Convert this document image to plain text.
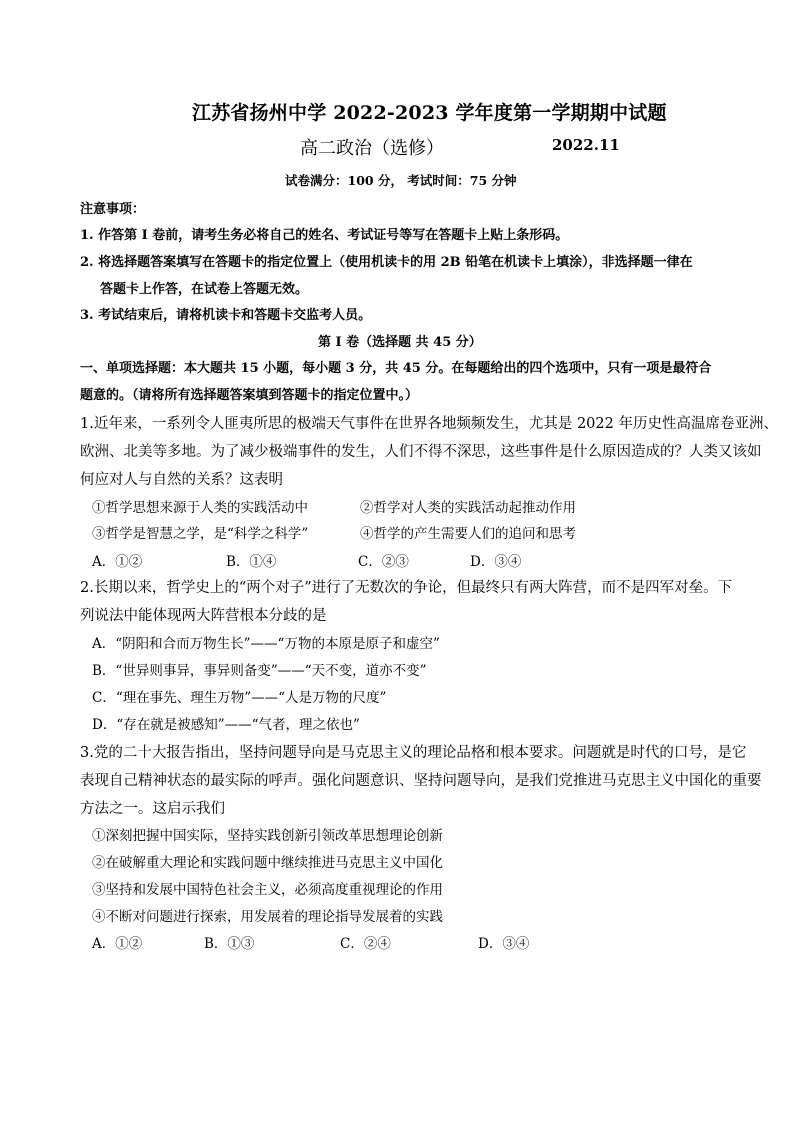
江苏省扬州中学 2022-2023 学年度第一学期期中试题
高二政治（选修）	2022.11
试卷满分：100 分， 考试时间：75 分钟
注意事项：
1. 作答第 I 卷前，请考生务必将自己的姓名、考试证号等写在答题卡上贴上条形码。
2. 将选择题答案填写在答题卡的指定位置上（使用机读卡的用 2B 铅笔在机读卡上填涂），非选择题一律在
答题卡上作答，在试卷上答题无效。
3. 考试结束后，请将机读卡和答题卡交监考人员。
第 I 卷（选择题 共 45 分）
一、单项选择题：本大题共 15 小题，每小题 3 分，共 45 分。在每题给出的四个选项中，只有一项是最符合
题意的。（请将所有选择题答案填到答题卡的指定位置中。）
1.近年来，一系列令人匪夷所思的极端天气事件在世界各地频频发生，尤其是 2022 年历史性高温席卷亚洲、
欧洲、北美等多地。为了减少极端事件的发生，人们不得不深思，这些事件是什么原因造成的？人类又该如
何应对人与自然的关系？这表明
①哲学思想来源于人类的实践活动中	②哲学对人类的实践活动起推动作用
③哲学是智慧之学，是“科学之科学”	④哲学的产生需要人们的追问和思考
A．①②	B．①④	C．②③	D．③④
2.长期以来，哲学史上的“两个对子”进行了无数次的争论，但最终只有两大阵营，而不是四军对垒。下
列说法中能体现两大阵营根本分歧的是
A．“阴阳和合而万物生长”——“万物的本原是原子和虚空”
B．“世异则事异，事异则备变”——“天不变，道亦不变”
C．“理在事先、理生万物”——“人是万物的尺度”
D．“存在就是被感知”——“气者，理之依也”
3.党的二十大报告指出，坚持问题导向是马克思主义的理论品格和根本要求。问题就是时代的口号，是它
表现自己精神状态的最实际的呼声。强化问题意识、坚持问题导向，是我们党推进马克思主义中国化的重要
方法之一。这启示我们
①深刻把握中国实际，坚持实践创新引领改革思想理论创新
②在破解重大理论和实践问题中继续推进马克思主义中国化
③坚持和发展中国特色社会主义，必须高度重视理论的作用
④不断对问题进行探索，用发展着的理论指导发展着的实践
A．①②	B．①③	C．②④	D．③④
